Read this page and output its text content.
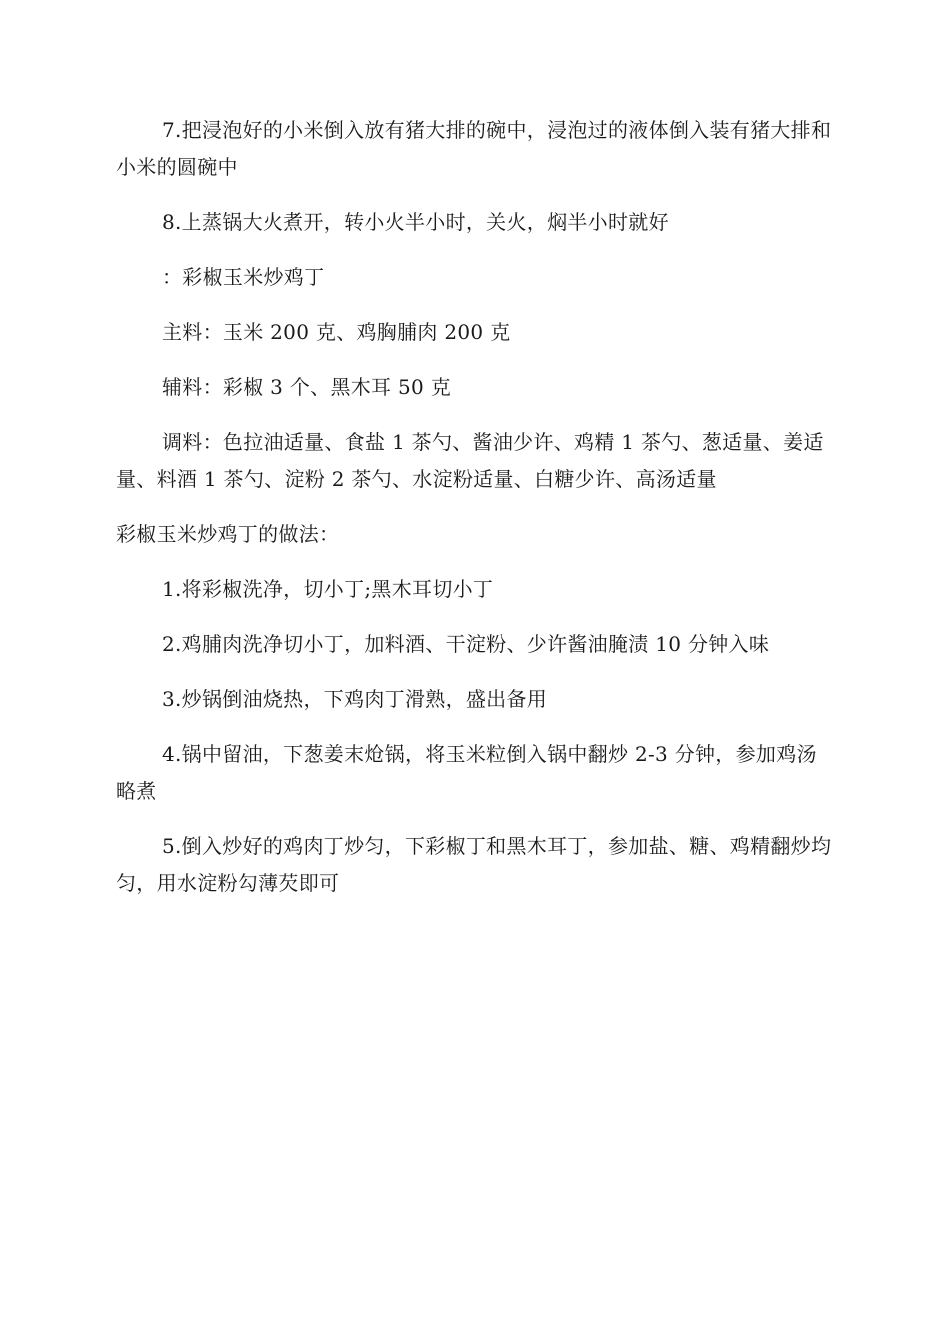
7.把浸泡好的小米倒入放有猪大排的碗中，浸泡过的液体倒入装有猪大排和小米的圆碗中

8.上蒸锅大火煮开，转小火半小时，关火，焖半小时就好

：彩椒玉米炒鸡丁

主料：玉米 200 克、鸡胸脯肉 200 克

辅料：彩椒 3 个、黑木耳 50 克

调料：色拉油适量、食盐 1 茶勺、酱油少许、鸡精 1 茶勺、葱适量、姜适量、料酒 1 茶勺、淀粉 2 茶勺、水淀粉适量、白糖少许、高汤适量

彩椒玉米炒鸡丁的做法：

1.将彩椒洗净，切小丁;黑木耳切小丁

2.鸡脯肉洗净切小丁，加料酒、干淀粉、少许酱油腌渍 10 分钟入味

3.炒锅倒油烧热，下鸡肉丁滑熟，盛出备用

4.锅中留油，下葱姜末炝锅，将玉米粒倒入锅中翻炒 2-3 分钟，参加鸡汤略煮

5.倒入炒好的鸡肉丁炒匀，下彩椒丁和黑木耳丁，参加盐、糖、鸡精翻炒均匀，用水淀粉勾薄芡即可
